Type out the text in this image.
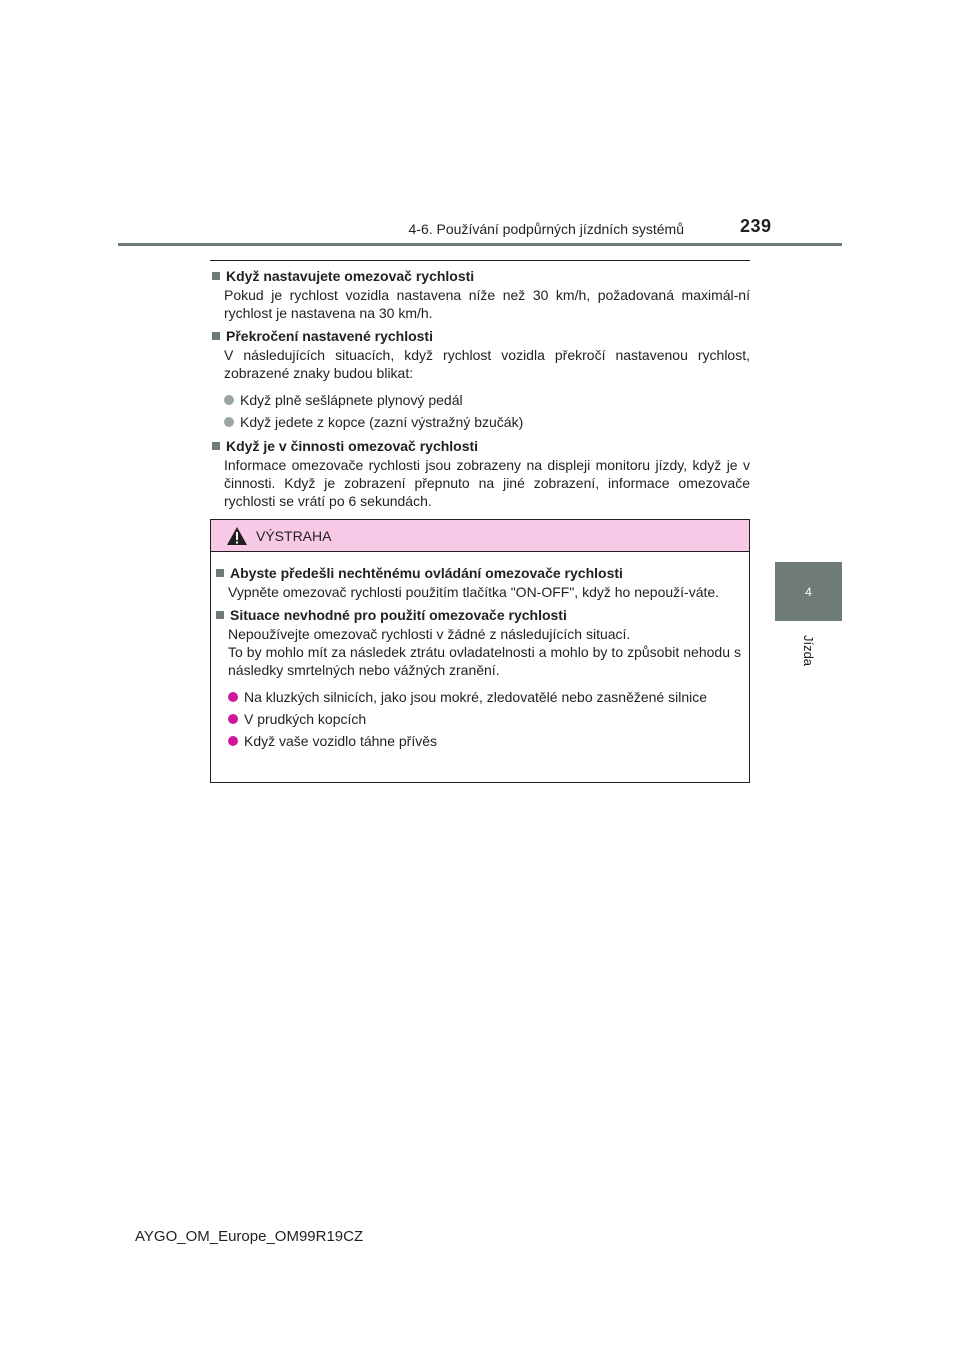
4-6. Používání podpůrných jízdních systémů	239
4
Jízda
Když nastavujete omezovač rychlosti
Pokud je rychlost vozidla nastavena níže než 30 km/h, požadovaná maximál-ní rychlost je nastavena na 30 km/h.
Překročení nastavené rychlosti
V následujících situacích, když rychlost vozidla překročí nastavenou rychlost, zobrazené znaky budou blikat:
Když plně sešlápnete plynový pedál
Když jedete z kopce (zazní výstražný bzučák)
Když je v činnosti omezovač rychlosti
Informace omezovače rychlosti jsou zobrazeny na displeji monitoru jízdy, když je v činnosti. Když je zobrazení přepnuto na jiné zobrazení, informace omezovače rychlosti se vrátí po 6 sekundách.
VÝSTRAHA
Abyste předešli nechtěnému ovládání omezovače rychlosti
Vypněte omezovač rychlosti použitím tlačítka "ON-OFF", když ho nepouží-váte.
Situace nevhodné pro použití omezovače rychlosti
Nepoužívejte omezovač rychlosti v žádné z následujících situací.
To by mohlo mít za následek ztrátu ovladatelnosti a mohlo by to způsobit nehodu s následky smrtelných nebo vážných zranění.
Na kluzkých silnicích, jako jsou mokré, zledovatělé nebo zasněžené silnice
V prudkých kopcích
Když vaše vozidlo táhne přívěs
AYGO_OM_Europe_OM99R19CZ
